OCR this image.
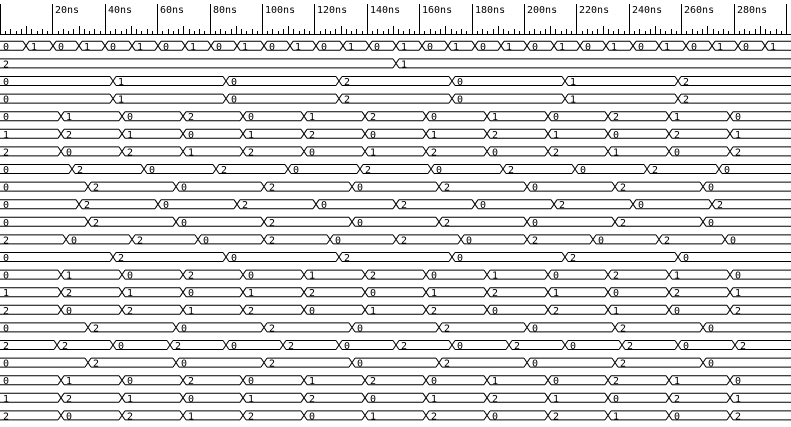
20ns	40ns	60ns	80ns	100ns 120ns 140ns 160ns 180ns 200ns 220ns 240ns 260ns 280ns
0 1 0 1 0 1 0 1 0 1 0 1 0 1 0 1 0 1 0 1 0 1 0 1 0 1 0 1 0 1
2	1
0	1	0	2	0	1	2
0	1	0	2	0	1	2
0	1	0	2	0	1	2	0	1	0	2	1	0
1	2	1	0	1	2	0	1	2	1	0	2	1
2	0	2	1	2	0	1	2	0	2	1	0	2
0	2	0	2	0	2	0	2	0	2	0
0	2	0	2	0	2	0	2	0
0	2	0	2	0	2	0	2	0	2
0	2	0	2	0	2	0	2	0
2	0	2	0	2	0	2	0	2	0	2	0
0	2	0	2	0	2	0
0	1	0	2	0	1	2	0	1	0	2	1	0
1	2	1	0	1	2	0	1	2	1	0	2	1
2	0	2	1	2	0	1	2	0	2	1	0	2
0	2	0	2	0	2	0	2	0
2	2	0	2	0	2	0	2	0	2	0	2	0	2
0	2	0	2	0	2	0	2	0
0	1	0	2	0	1	2	0	1	0	2	1	0
1	2	1	0	1	2	0	1	2	1	0	2	1
2	0	2	1	2	0	1	2	0	2	1	0	2
